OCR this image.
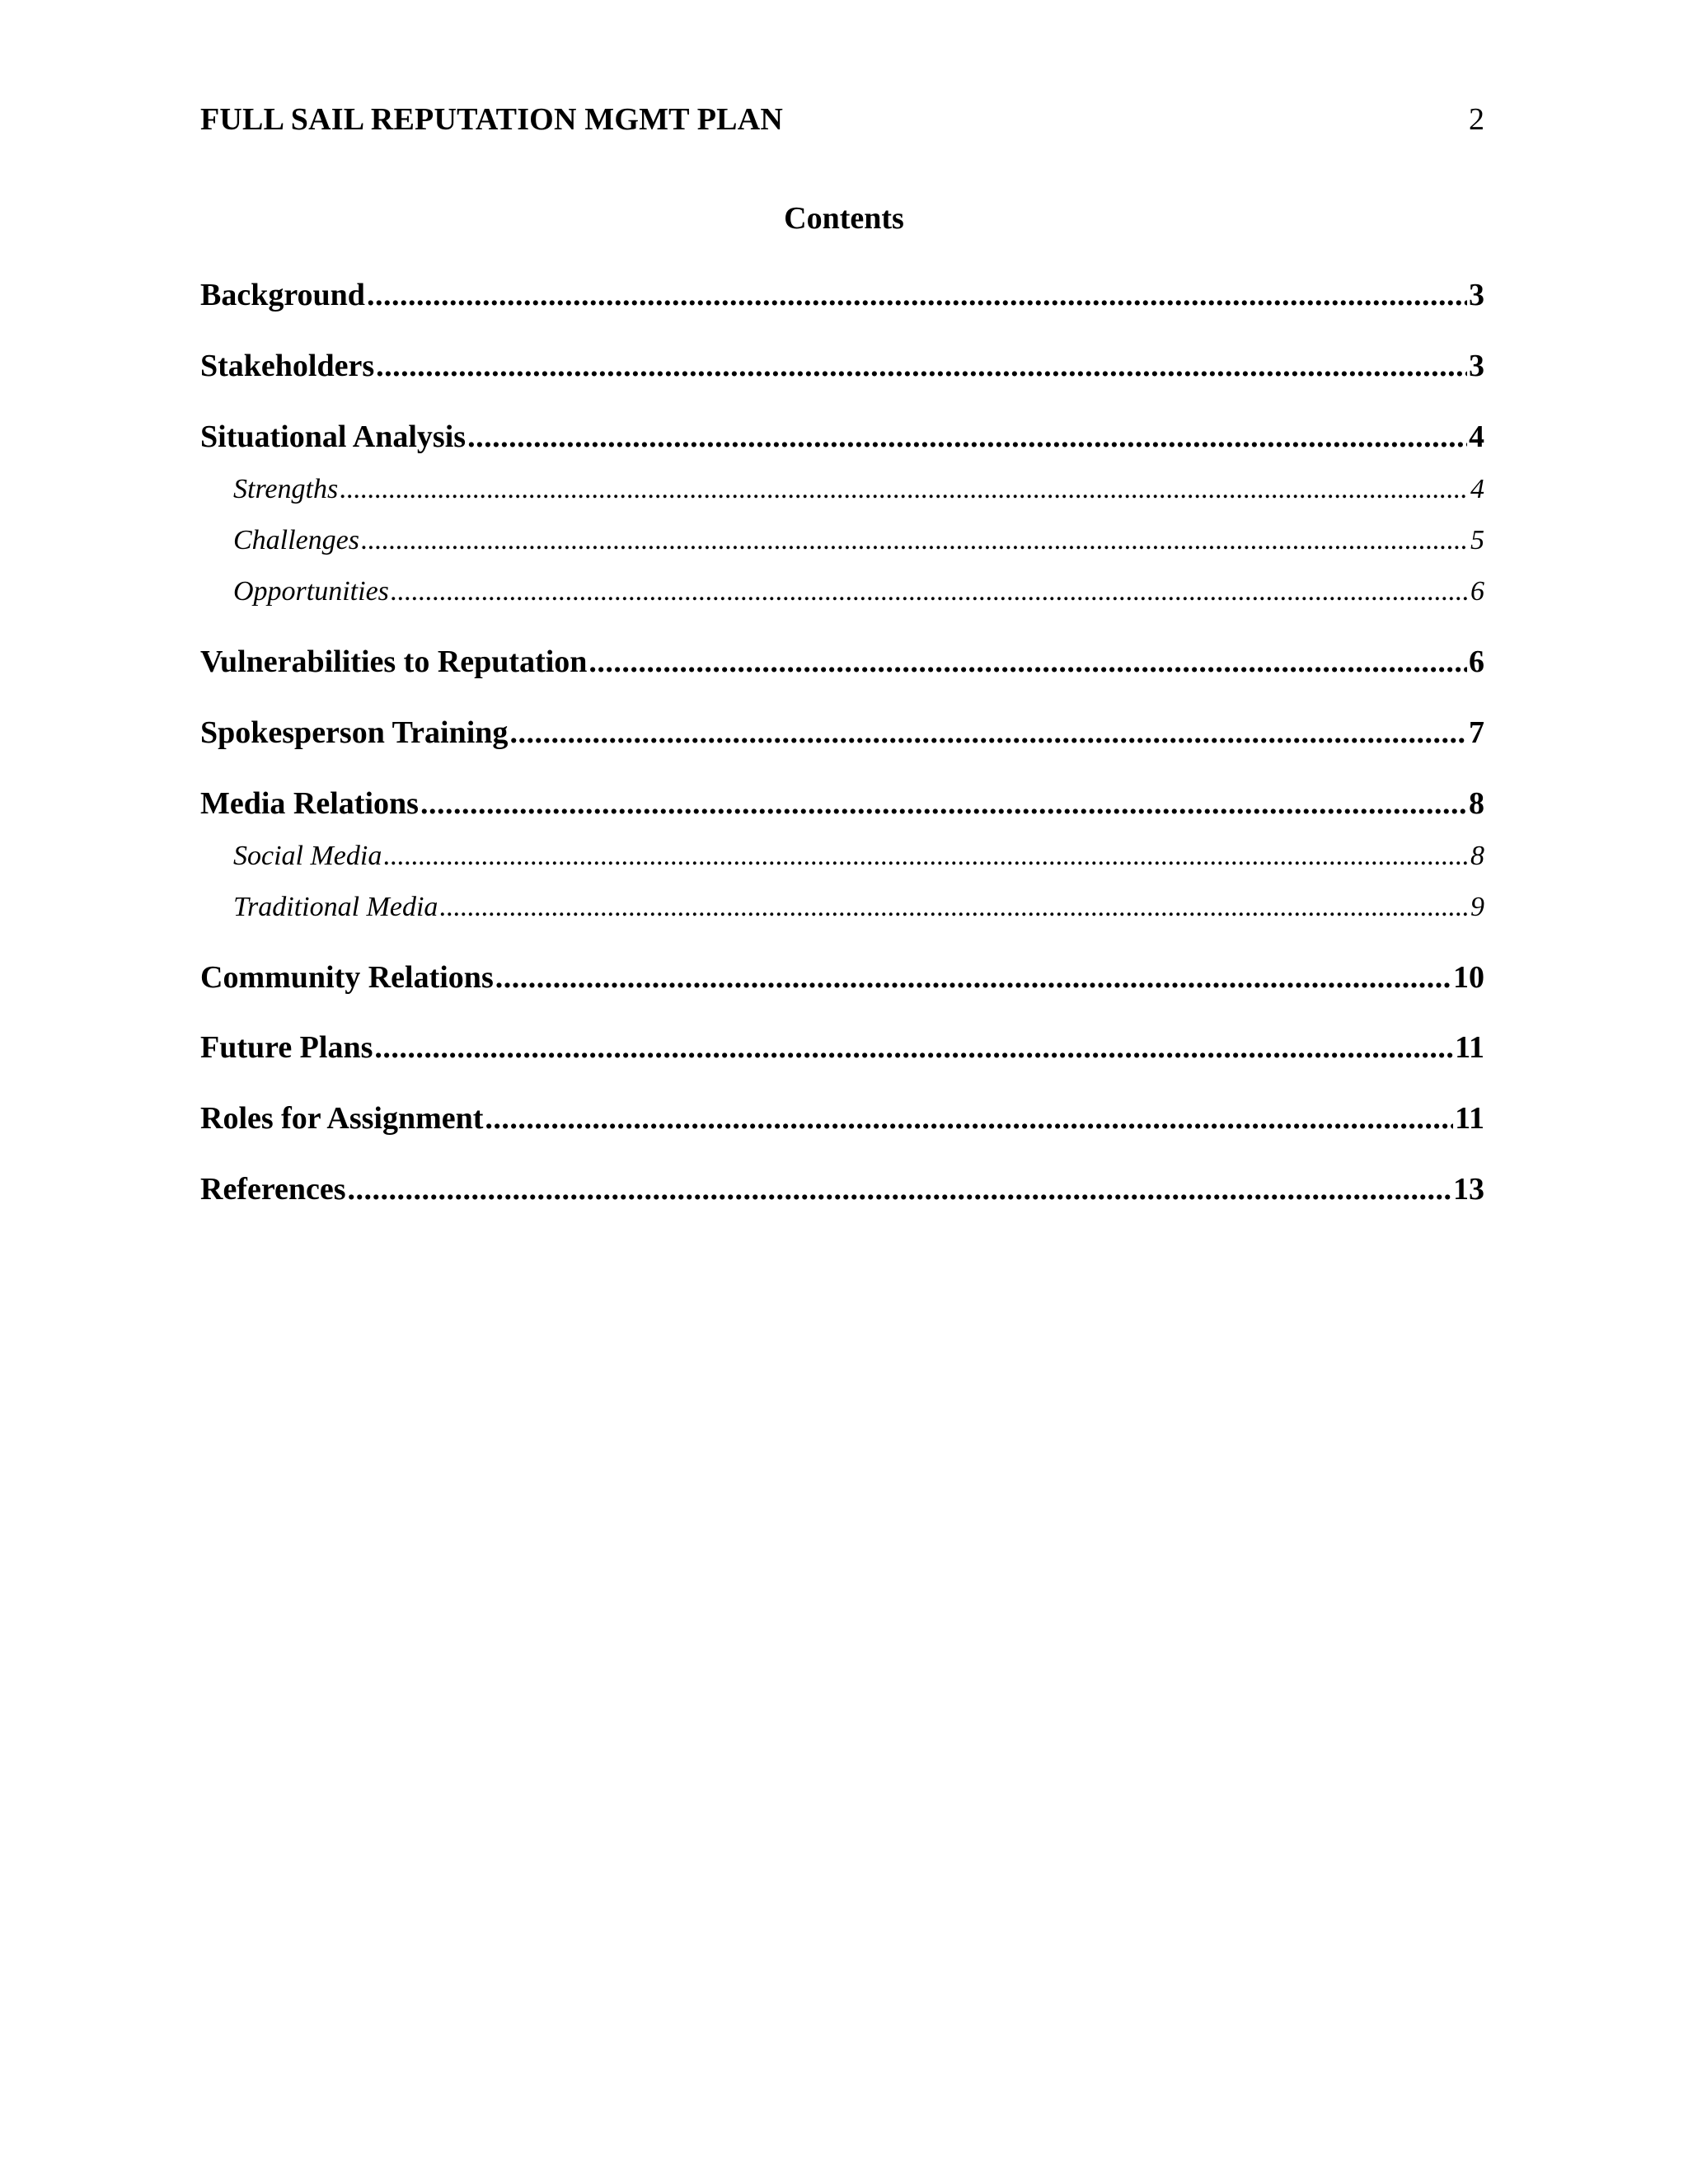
FULL SAIL REPUTATION MGMT PLAN	2
Contents
Background .....	3
Stakeholders .....	3
Situational Analysis .....	4
Strengths .....	4
Challenges .....	5
Opportunities .....	6
Vulnerabilities to Reputation .....	6
Spokesperson Training .....	7
Media Relations .....	8
Social Media .....	8
Traditional Media .....	9
Community Relations .....	10
Future Plans .....	11
Roles for Assignment .....	11
References .....	13
